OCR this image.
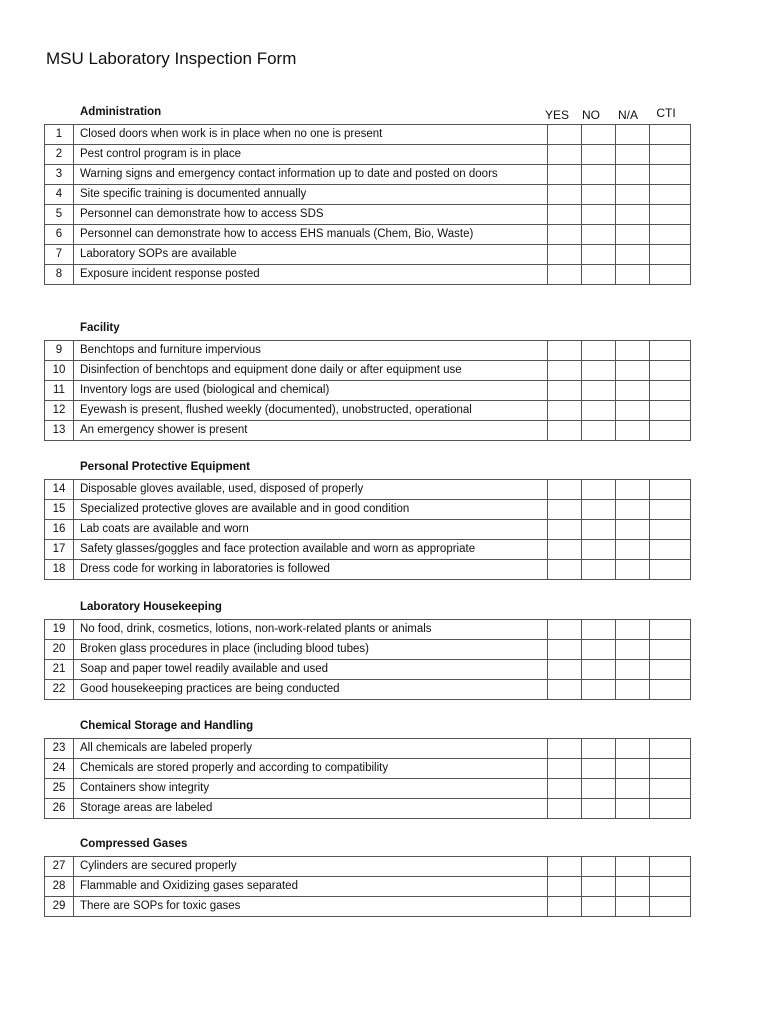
MSU Laboratory Inspection Form
YES	NO	N/A	CTI
Administration
1	Closed doors when work is in place when no one is present				
2	Pest control program is in place				
3	Warning signs and emergency contact information up to date and posted on doors				
4	Site specific training is documented annually				
5	Personnel can demonstrate how to access SDS				
6	Personnel can demonstrate how to access EHS manuals (Chem, Bio, Waste)				
7	Laboratory SOPs are available				
8	Exposure incident response posted				
Facility
9	Benchtops and furniture impervious				
10	Disinfection of benchtops and equipment done daily or after equipment use				
11	Inventory logs are used (biological and chemical)				
12	Eyewash is present, flushed weekly (documented), unobstructed, operational				
13	An emergency shower is present				
Personal Protective Equipment
14	Disposable gloves available, used, disposed of properly				
15	Specialized protective gloves are available and in good condition				
16	Lab coats are available and worn				
17	Safety glasses/goggles and face protection available and worn as appropriate				
18	Dress code for working in laboratories is followed				
Laboratory Housekeeping
19	No food, drink, cosmetics, lotions, non-work-related plants or animals				
20	Broken glass procedures in place (including blood tubes)				
21	Soap and paper towel readily available and used				
22	Good housekeeping practices are being conducted				
Chemical Storage and Handling
23	All chemicals are labeled properly				
24	Chemicals are stored properly and according to compatibility				
25	Containers show integrity				
26	Storage areas are labeled				
Compressed Gases
27	Cylinders are secured properly				
28	Flammable and Oxidizing gases separated				
29	There are SOPs for toxic gases				
